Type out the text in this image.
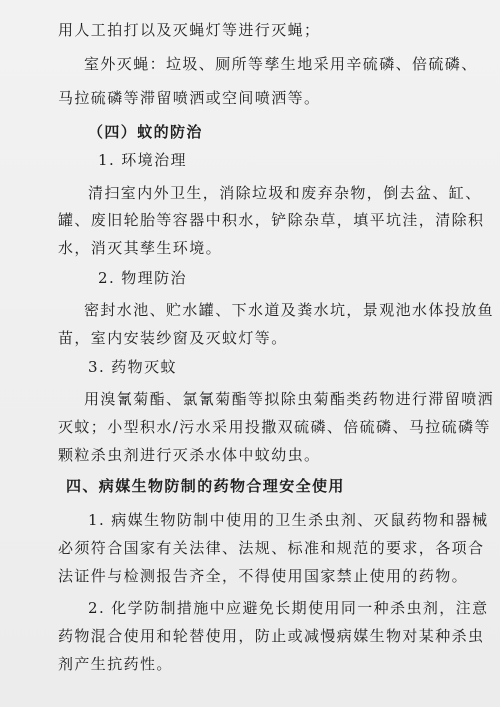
用人工拍打以及灭蝇灯等进行灭蝇；
室外灭蝇：垃圾、厕所等孳生地采用辛硫磷、倍硫磷、
马拉硫磷等滞留喷洒或空间喷洒等。
（四）蚊的防治
1. 环境治理
清扫室内外卫生，消除垃圾和废弃杂物，倒去盆、缸、
罐、废旧轮胎等容器中积水，铲除杂草，填平坑洼，清除积
水，消灭其孳生环境。
2. 物理防治
密封水池、贮水罐、下水道及粪水坑，景观池水体投放鱼
苗，室内安装纱窗及灭蚊灯等。
3. 药物灭蚊
用溴氰菊酯、氯氰菊酯等拟除虫菊酯类药物进行滞留喷洒
灭蚊；小型积水/污水采用投撒双硫磷、倍硫磷、马拉硫磷等
颗粒杀虫剂进行灭杀水体中蚊幼虫。
四、病媒生物防制的药物合理安全使用
1. 病媒生物防制中使用的卫生杀虫剂、灭鼠药物和器械
必须符合国家有关法律、法规、标准和规范的要求，各项合
法证件与检测报告齐全，不得使用国家禁止使用的药物。
2. 化学防制措施中应避免长期使用同一种杀虫剂，注意
药物混合使用和轮替使用，防止或减慢病媒生物对某种杀虫
剂产生抗药性。
